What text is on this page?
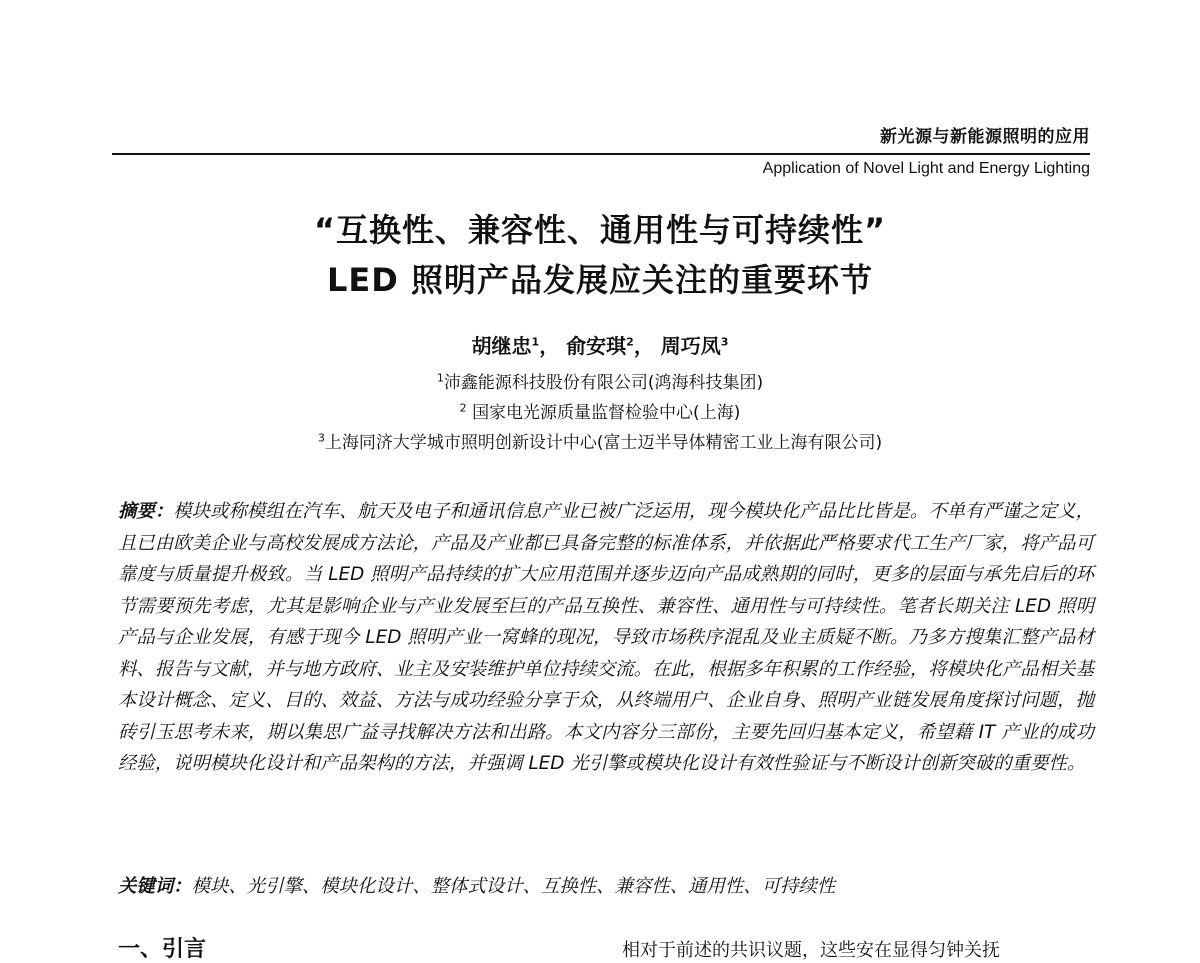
新光源与新能源照明的应用
Application of Novel Light and Energy Lighting
“互换性、兼容性、通用性与可持续性”
LED 照明产品发展应关注的重要环节
胡继忠$^1$， 俞安琪$^2$， 周巧凤$^3$
$^1$沛鑫能源科技股份有限公司(鸿海科技集团)
$^2$ 国家电光源质量监督检验中心(上海)
$^3$上海同济大学城市照明创新设计中心(富士迈半导体精密工业上海有限公司)
摘要：模块或称模组在汽车、航天及电子和通讯信息产业已被广泛运用，现今模块化产品比比皆是。不单有严谨之定义，且已由欧美企业与高校发展成方法论，产品及产业都已具备完整的标准体系，并依据此严格要求代工生产厂家，将产品可靠度与质量提升极致。当 LED 照明产品持续的扩大应用范围并逐步迈向产品成熟期的同时，更多的层面与承先启后的环节需要预先考虑，尤其是影响企业与产业发展至巨的产品互换性、兼容性、通用性与可持续性。笔者长期关注 LED 照明产品与企业发展，有感于现今 LED 照明产业一窝蜂的现况，导致市场秩序混乱及业主质疑不断。乃多方搜集汇整产品材料、报告与文献，并与地方政府、业主及安装维护单位持续交流。在此，根据多年积累的工作经验，将模块化产品相关基本设计概念、定义、目的、效益、方法与成功经验分享于众，从终端用户、企业自身、照明产业链发展角度探讨问题，抛砖引玉思考未来，期以集思广益寻找解决方法和出路。本文内容分三部份，主要先回归基本定义，希望藉 IT 产业的成功经验，说明模块化设计和产品架构的方法，并强调 LED 光引擎或模块化设计有效性验证与不断设计创新突破的重要性。
关键词：模块、光引擎、模块化设计、整体式设计、互换性、兼容性、通用性、可持续性
一、引言	相对于前述的共识议题，这些安在显得匀钟关抚
